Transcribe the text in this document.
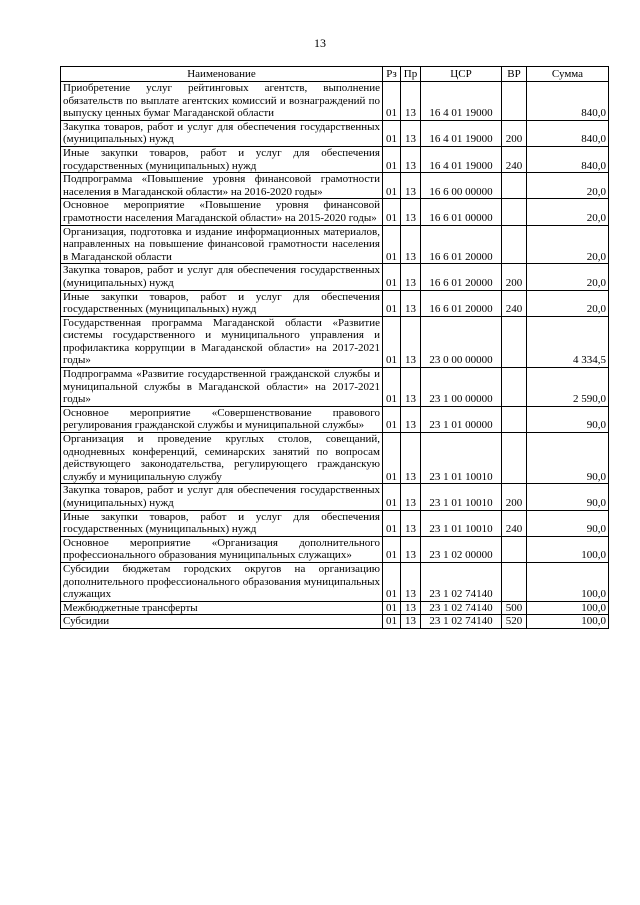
13
Наименование	Рз	Пр	ЦСР	ВР	Сумма
Приобретение услуг рейтинговых агентств, выполнение обязательств по выплате агентских комиссий и вознаграждений по выпуску ценных бумаг Магаданской области	01	13	16 4 01 19000		840,0
Закупка товаров, работ и услуг для обеспечения государственных (муниципальных) нужд	01	13	16 4 01 19000	200	840,0
Иные закупки товаров, работ и услуг для обеспечения государственных (муниципальных) нужд	01	13	16 4 01 19000	240	840,0
Подпрограмма «Повышение уровня финансовой грамотности населения в Магаданской области» на 2016-2020 годы»	01	13	16 6 00 00000		20,0
Основное мероприятие «Повышение уровня финансовой грамотности населения Магаданской области» на 2015-2020 годы»	01	13	16 6 01 00000		20,0
Организация, подготовка и издание информационных материалов, направленных на повышение финансовой грамотности населения в Магаданской области	01	13	16 6 01 20000		20,0
Закупка товаров, работ и услуг для обеспечения государственных (муниципальных) нужд	01	13	16 6 01 20000	200	20,0
Иные закупки товаров, работ и услуг для обеспечения государственных (муниципальных) нужд	01	13	16 6 01 20000	240	20,0
Государственная программа Магаданской области «Развитие системы государственного и муниципального управления и профилактика коррупции в Магаданской области» на 2017-2021 годы»	01	13	23 0 00 00000		4 334,5
Подпрограмма «Развитие государственной гражданской службы и муниципальной службы в Магаданской области» на 2017-2021 годы»	01	13	23 1 00 00000		2 590,0
Основное мероприятие «Совершенствование правового регулирования гражданской службы и муниципальной службы»	01	13	23 1 01 00000		90,0
Организация и проведение круглых столов, совещаний, однодневных конференций, семинарских занятий по вопросам действующего законодательства, регулирующего гражданскую службу и муниципальную службу	01	13	23 1 01 10010		90,0
Закупка товаров, работ и услуг для обеспечения государственных (муниципальных) нужд	01	13	23 1 01 10010	200	90,0
Иные закупки товаров, работ и услуг для обеспечения государственных (муниципальных) нужд	01	13	23 1 01 10010	240	90,0
Основное мероприятие «Организация дополнительного профессионального образования муниципальных служащих»	01	13	23 1 02 00000		100,0
Субсидии бюджетам городских округов на организацию дополнительного профессионального образования муниципальных служащих	01	13	23 1 02 74140		100,0
Межбюджетные трансферты	01	13	23 1 02 74140	500	100,0
Субсидии	01	13	23 1 02 74140	520	100,0
